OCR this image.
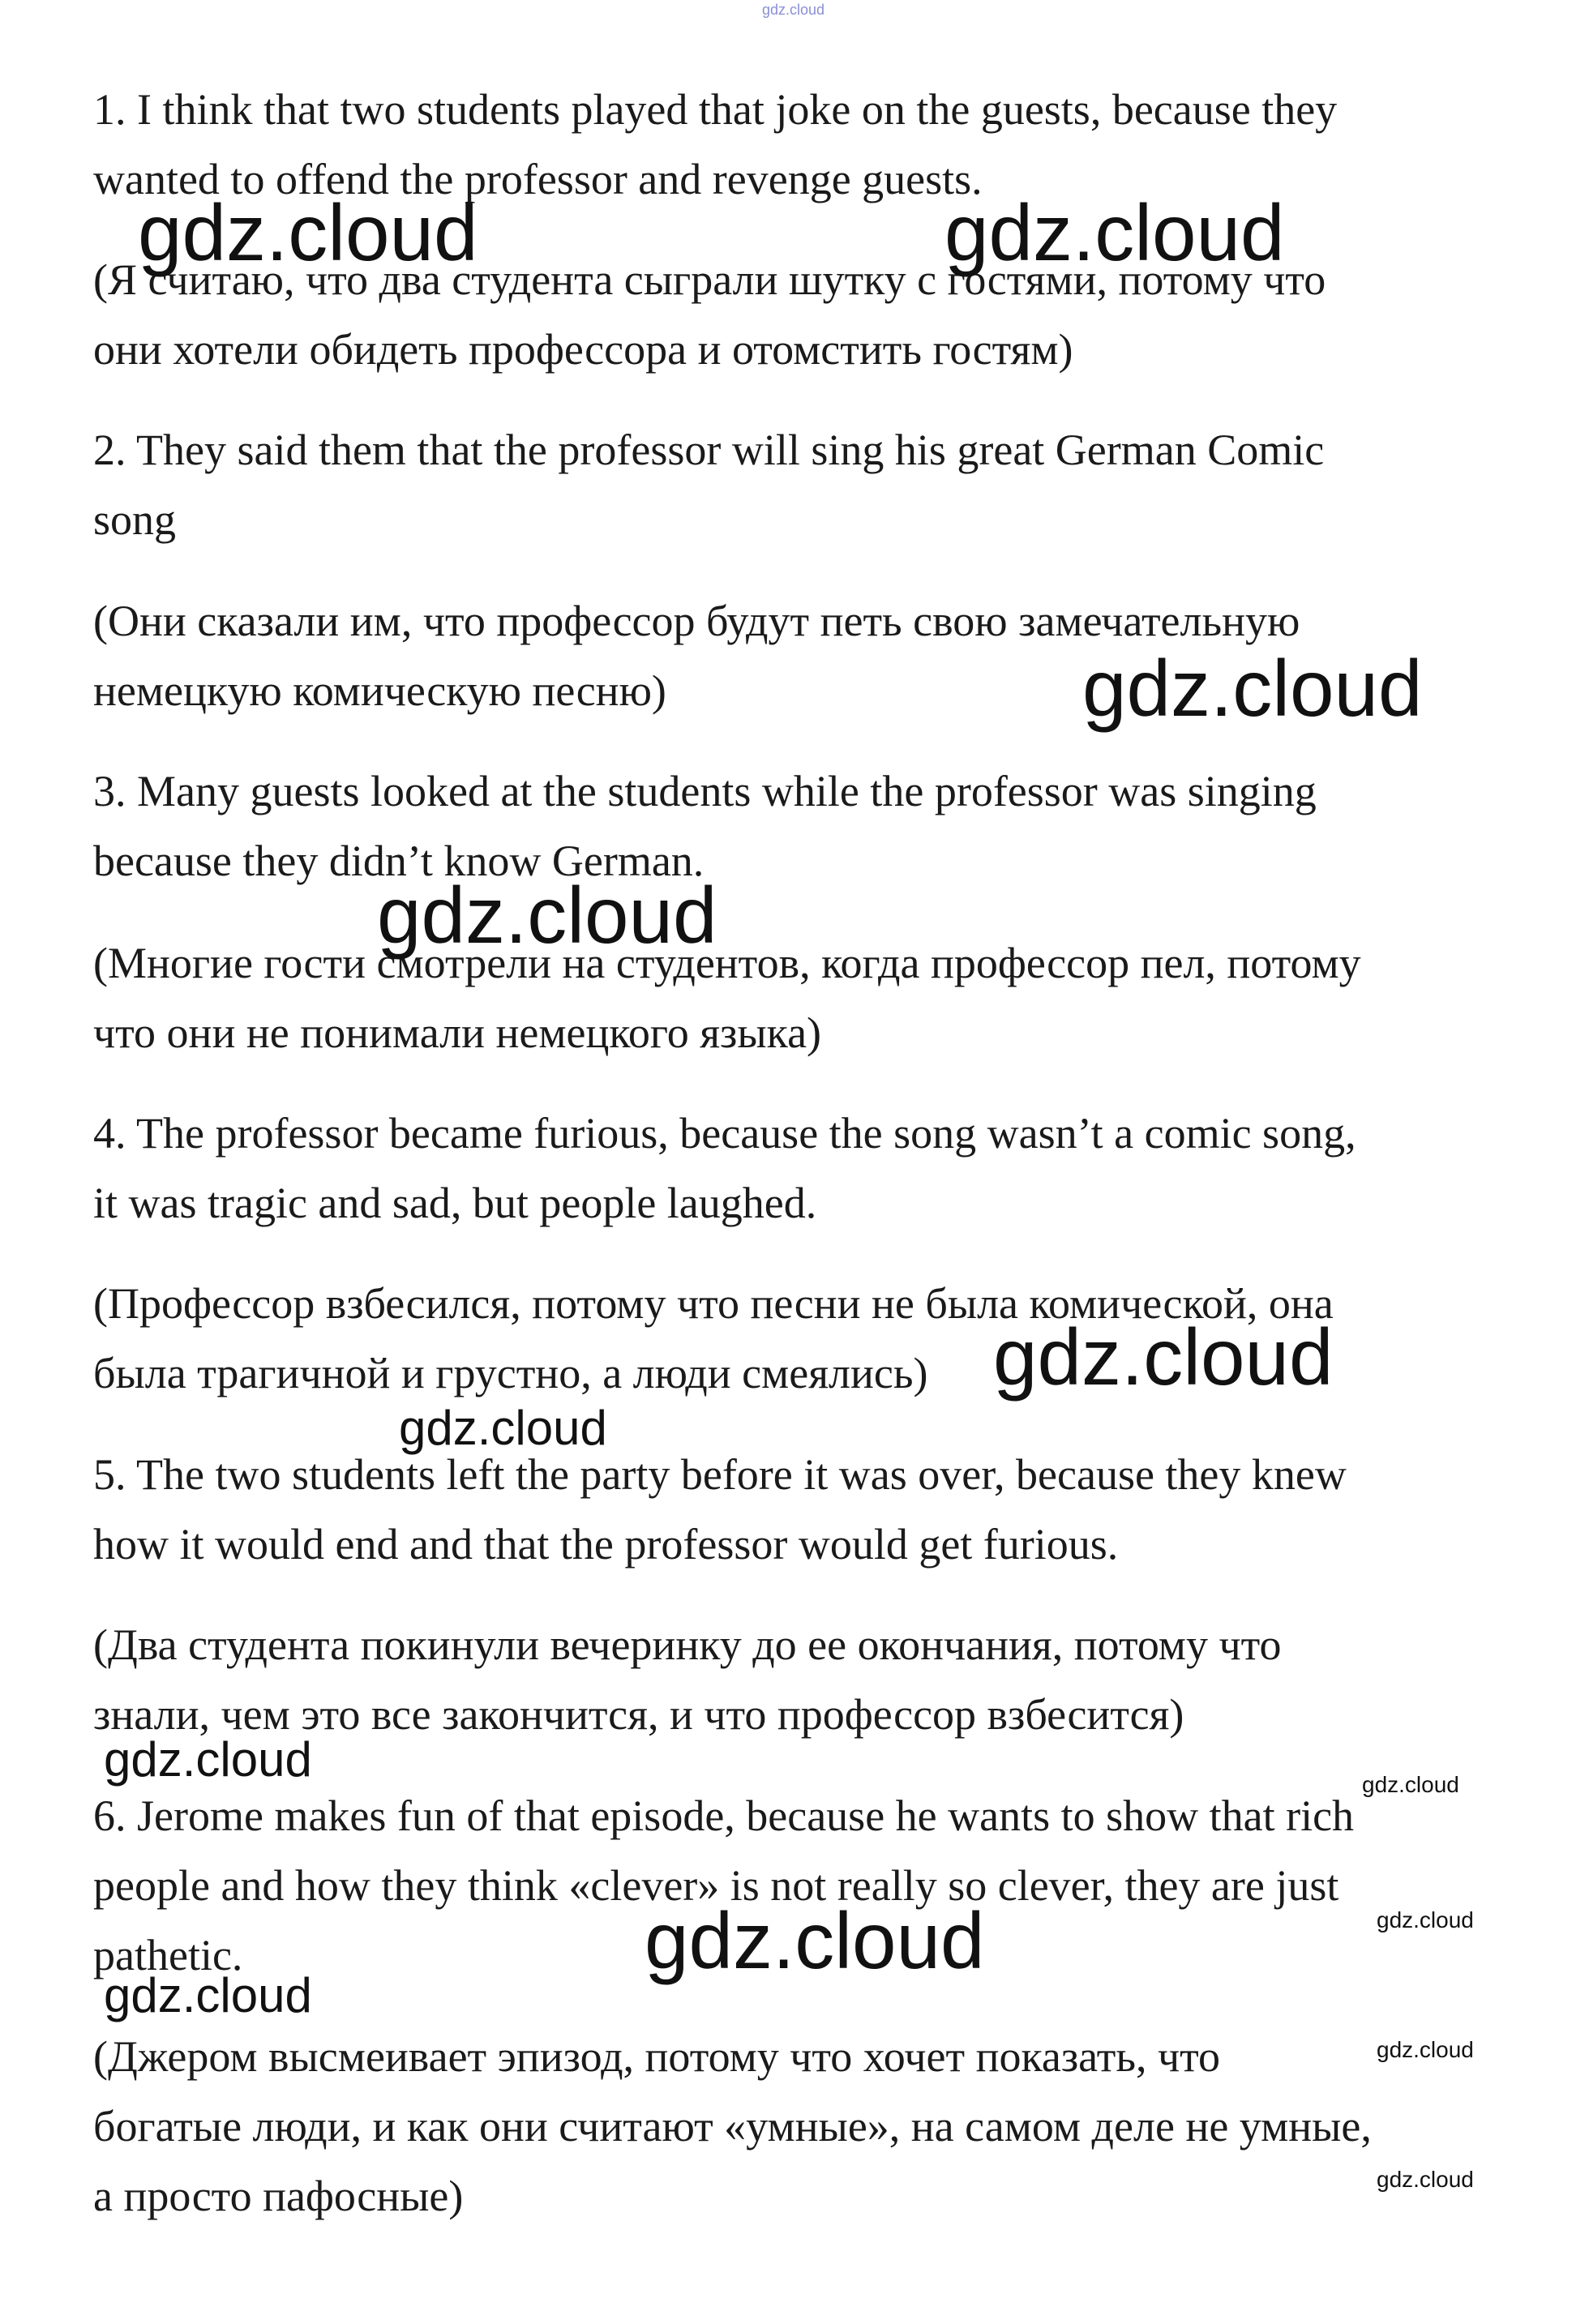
gdz.cloud

1. I think that two students played that joke on the guests, because they
wanted to offend the professor and revenge guests.

(Я считаю, что два студента сыграли шутку с гостями, потому что
они хотели обидеть профессора и отомстить гостям)

2. They said them that the professor will sing his great German Comic
song

(Они сказали им, что профессор будут петь свою замечательную
немецкую комическую песню)

3. Many guests looked at the students while the professor was singing
because they didn’t know German.

(Многие гости смотрели на студентов, когда профессор пел, потому
что они не понимали немецкого языка)

4. The professor became furious, because the song wasn’t a comic song,
it was tragic and sad, but people laughed.

(Профессор взбесился, потому что песни не была комической, она
была трагичной и грустно, а люди смеялись)

5. The two students left the party before it was over, because they knew
how it would end and that the professor would get furious.

(Два студента покинули вечеринку до ее окончания, потому что
знали, чем это все закончится, и что профессор взбесится)

6. Jerome makes fun of that episode, because he wants to show that rich
people and how they think «clever» is not really so clever, they are just
pathetic.

(Джером высмеивает эпизод, потому что хочет показать, что
богатые люди, и как они считают «умные», на самом деле не умные,
а просто пафосные)

gdz.cloud	gdz.cloud
gdz.cloud
gdz.cloud
gdz.cloud
gdz.cloud
gdz.cloud
gdz.cloud
gdz.cloud
gdz.cloud
gdz.cloud
gdz.cloud
gdz.cloud
